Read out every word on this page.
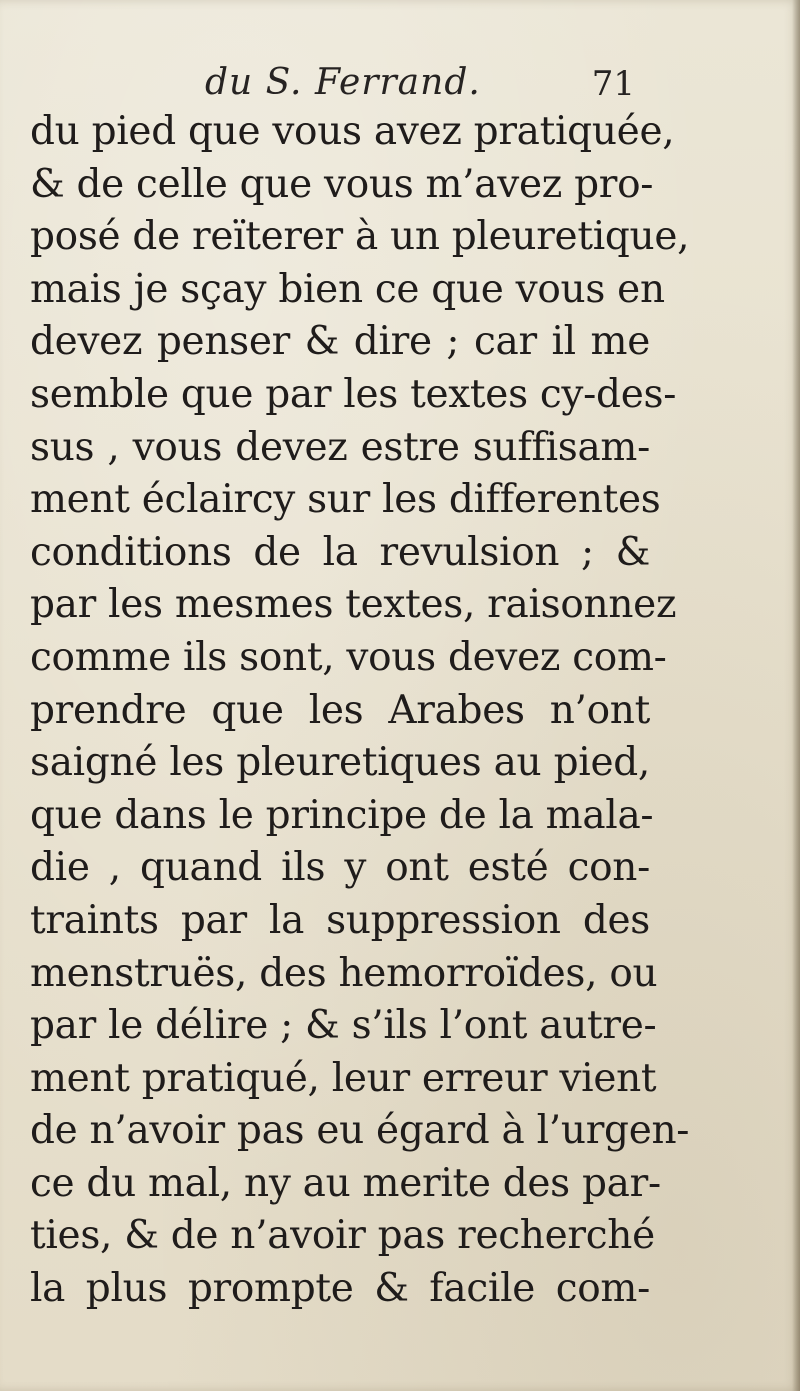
du S. Ferrand.	71
du pied que vous avez pratiquée,
& de celle que vous m’avez pro-
posé de reïterer à un pleuretique,
mais je sçay bien ce que vous en
devez penser & dire ; car il me
semble que par les textes cy-des-
sus , vous devez estre suffisam-
ment éclaircy sur les differentes
conditions de la revulsion ; &
par les mesmes textes, raisonnez
comme ils sont, vous devez com-
prendre que les Arabes n’ont
saigné les pleuretiques au pied,
que dans le principe de la mala-
die , quand ils y ont esté con-
traints par la suppression des
menstruës, des hemorroïdes, ou
par le délire ; & s’ils l’ont autre-
ment pratiqué, leur erreur vient
de n’avoir pas eu égard à l’urgen-
ce du mal, ny au merite des par-
ties, & de n’avoir pas recherché
la plus prompte & facile com-
